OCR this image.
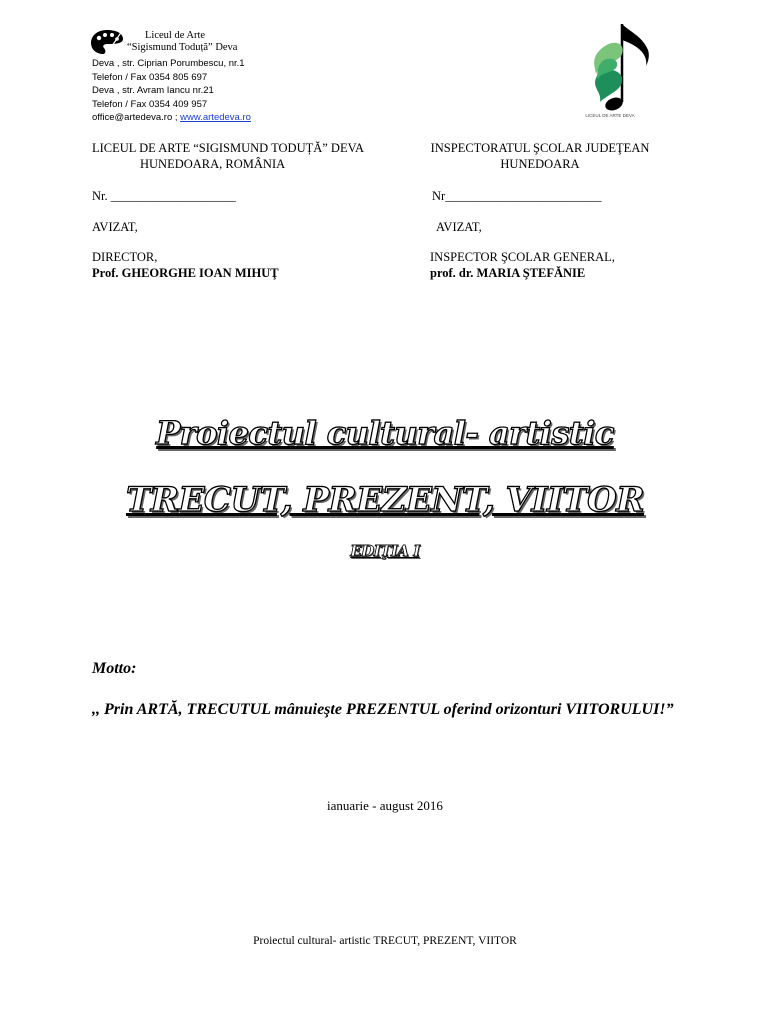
Liceul de Arte
“Sigismund Toduță” Deva
Deva , str. Ciprian Porumbescu, nr.1
Telefon / Fax 0354 805 697
Deva , str. Avram Iancu nr.21
Telefon / Fax 0354 409 957
office@artedeva.ro ; www.artedeva.ro	LICEUL DE ARTE DEVA
LICEUL DE ARTE “SIGISMUND TODUȚĂ” DEVA
HUNEDOARA, ROMÂNIA
Nr. ____________________
AVIZAT,
DIRECTOR,
Prof. GHEORGHE IOAN MIHUŢ
INSPECTORATUL ŞCOLAR JUDEŢEAN
HUNEDOARA
Nr_________________________
AVIZAT,
INSPECTOR ŞCOLAR GENERAL,
prof. dr. MARIA ŞTEFĂNIE
Proiectul cultural- artistic
TRECUT, PREZENT, VIITOR
EDIŢIA I
Motto:
,, Prin ARTĂ, TRECUTUL mânuieşte PREZENTUL oferind orizonturi VIITORULUI!”
ianuarie - august 2016
Proiectul cultural- artistic TRECUT, PREZENT, VIITOR
